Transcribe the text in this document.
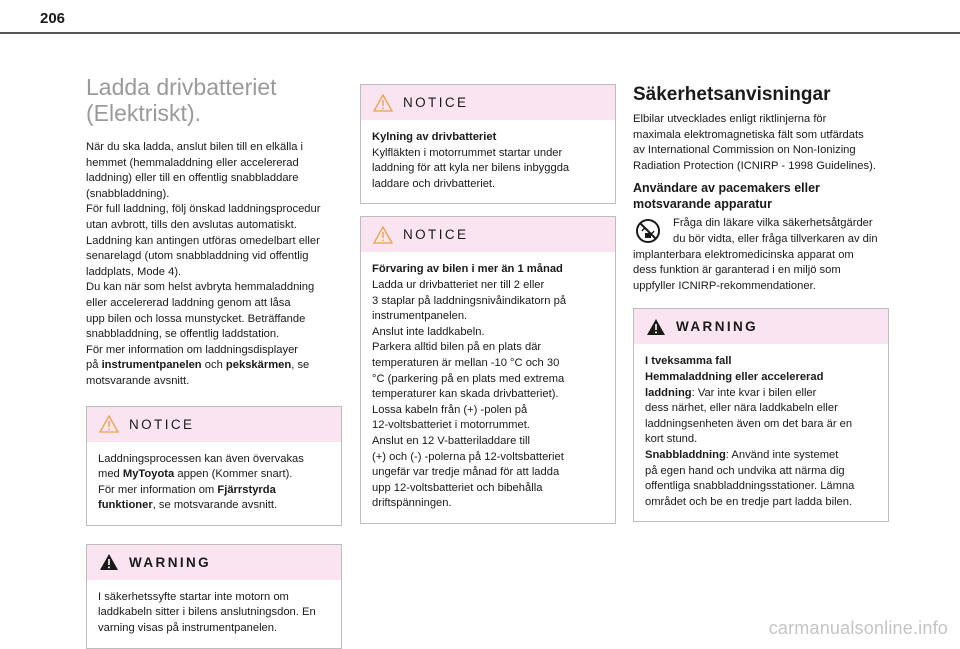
206
Ladda drivbatteriet
(Elektriskt).
När du ska ladda, anslut bilen till en elkälla i
hemmet (hemmaladdning eller accelererad
laddning) eller till en offentlig snabbladdare
(snabbladdning).
För full laddning, följ önskad laddningsprocedur
utan avbrott, tills den avslutas automatiskt.
Laddning kan antingen utföras omedelbart eller
senarelagd (utom snabbladdning vid offentlig
laddplats, Mode 4).
Du kan när som helst avbryta hemmaladdning
eller accelererad laddning genom att låsa
upp bilen och lossa munstycket. Beträffande
snabbladdning, se offentlig laddstation.
För mer information om laddningsdisplayer
på instrumentpanelen och pekskärmen, se
motsvarande avsnitt.
NOTICE
Laddningsprocessen kan även övervakas
med MyToyota appen (Kommer snart).
För mer information om Fjärrstyrda
funktioner, se motsvarande avsnitt.
WARNING
I säkerhetssyfte startar inte motorn om
laddkabeln sitter i bilens anslutningsdon. En
varning visas på instrumentpanelen.
NOTICE
Kylning av drivbatteriet
Kylfläkten i motorrummet startar under
laddning för att kyla ner bilens inbyggda
laddare och drivbatteriet.
NOTICE
Förvaring av bilen i mer än 1 månad
Ladda ur drivbatteriet ner till 2 eller
3 staplar på laddningsnivåindikatorn på
instrumentpanelen.
Anslut inte laddkabeln.
Parkera alltid bilen på en plats där
temperaturen är mellan -10 °C och 30
°C (parkering på en plats med extrema
temperaturer kan skada drivbatteriet).
Lossa kabeln från (+) -polen på
12-voltsbatteriet i motorrummet.
Anslut en 12 V-batteriladdare till
(+) och (-) -polerna på 12-voltsbatteriet
ungefär var tredje månad för att ladda
upp 12-voltsbatteriet och bibehålla
driftspänningen.
Säkerhetsanvisningar
Elbilar utvecklades enligt riktlinjerna för
maximala elektromagnetiska fält som utfärdats
av International Commission on Non-Ionizing
Radiation Protection (ICNIRP - 1998 Guidelines).
Användare av pacemakers eller
motsvarande apparatur
Fråga din läkare vilka säkerhetsåtgärder
du bör vidta, eller fråga tillverkaren av din
implanterbara elektromedicinska apparat om
dess funktion är garanterad i en miljö som
uppfyller ICNIRP-rekommendationer.
WARNING
I tveksamma fall
Hemmaladdning eller accelererad
laddning: Var inte kvar i bilen eller
dess närhet, eller nära laddkabeln eller
laddningsenheten även om det bara är en
kort stund.
Snabbladdning: Använd inte systemet
på egen hand och undvika att närma dig
offentliga snabbladdningsstationer. Lämna
området och be en tredje part ladda bilen.
carmanualsonline.info
